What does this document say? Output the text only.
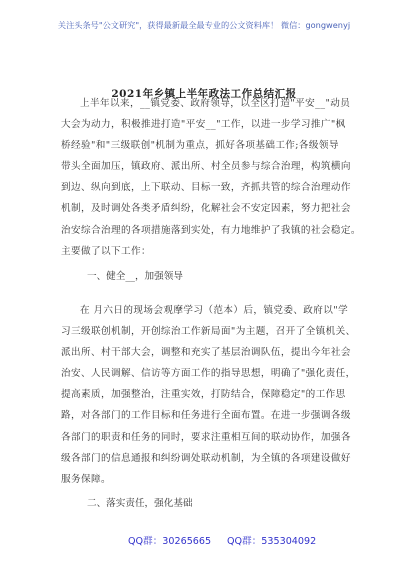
关注头条号"公文研究"，获得最新最全最专业的公文资料库！ 微信：gongwenyj
2021年乡镇上半年政法工作总结汇报
上半年以来，__镇党委、政府领导，以全区打造"平安__"动员
大会为动力，积极推进打造"平安__"工作，以进一步学习推广"枫
桥经验"和"三级联创"机制为重点，抓好各项基础工作;各级领导
带头全面加压，镇政府、派出所、村全员参与综合治理，构筑横向
到边、纵向到底，上下联动、目标一致，齐抓共管的综合治理动作
机制，及时调处各类矛盾纠纷，化解社会不安定因素，努力把社会
治安综合治理的各项措施落到实处，有力地维护了我镇的社会稳定。
主要做了以下工作：
一、健全__，加强领导
在 月六日的现场会观摩学习（范本）后，镇党委、政府以"学
习三级联创机制，开创综治工作新局面"为主题，召开了全镇机关、
派出所、村干部大会，调整和充实了基层治调队伍，提出今年社会
治安、人民调解、信访等方面工作的指导思想，明确了"强化责任，
提高素质，加强整治，注重实效，打防结合，保障稳定"的工作思
路，对各部门的工作目标和任务进行全面布置。在进一步强调各级
各部门的职责和任务的同时，要求注重相互间的联动协作，加强各
级各部门的信息通报和纠纷调处联动机制，为全镇的各项建设做好
服务保障。
二、落实责任，强化基础
QQ群：30265665 QQ群：535304092
